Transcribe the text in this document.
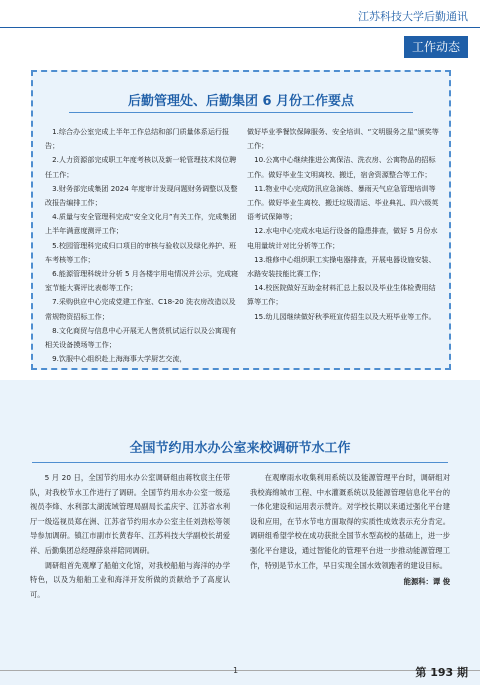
江苏科技大学后勤通讯
工作动态
后勤管理处、后勤集团 6 月份工作要点

1.综合办公室完成上半年工作总结和部门质量体系运行报告；

2.人力资源部完成职工年度考核以及新一轮管理技术岗位聘任工作；

3.财务部完成集团 2024 年度审计发现问题财务调整以及整改报告编排工作；

4.质量与安全管理科完成“安全文化月”有关工作，完成集团上半年满意度测评工作；

5.校园管理科完成归口项目的审核与验收以及绿化养护、班车考核等工作；

6.能源管理科统计分析 5 月各楼宇用电情况并公示，完成寝室节能大赛评比表彰等工作；

7.采购供应中心完成党建工作室、C18-20 洗衣房改造以及常规物资招标工作；

8.文化商贸与信息中心开展无人售货机试运行以及公寓现有相关设备摸场等工作；

9.饮服中心组织赴上海海事大学厨艺交流，

做好毕业季餐饮保障服务、安全培训、“文明服务之星”颁奖等工作；

10.公寓中心继续推进公寓保洁、洗衣房、公寓物品的招标工作。做好毕业生文明离校、搬迁，宿舍资源整合等工作；

11.物业中心完成防汛应急演练、暴雨天气应急管理培训等工作。做好毕业生离校、搬迁垃圾清运、毕业典礼、四六级英语考试保障等；

12.水电中心完成水电运行设备的隐患排查，做好 5 月份水电用量统计对比分析等工作；

13.维修中心组织职工实操电器排查，开展电器设施安装、水路安装技能比赛工作；

14.校医院做好互助金材料汇总上报以及毕业生体检费用结算等工作；

15.幼儿园继续做好秋季班宣传招生以及大班毕业等工作。

全国节约用水办公室来校调研节水工作

5 月 20 日，全国节约用水办公室调研组由蒋牧宸主任带队，对我校节水工作进行了调研。全国节约用水办公室一级巡视员李烽、水利部太湖流域管理局副局长孟庆宇、江苏省水利厅一级巡视员郑在洲、江苏省节约用水办公室主任刘劲松等领导参加调研。镇江市副市长黄春年、江苏科技大学副校长胡爱祥、后勤集团总经理薛泉祥陪同调研。

调研组首先观摩了船舶文化馆，对我校船舶与海洋的办学特色，以及为船舶工业和海洋开发所做的贡献给予了高度认可。

在观摩雨水收集利用系统以及能源管理平台时，调研组对我校海绵城市工程、中水灌溉系统以及能源管理信息化平台的一体化建设和运用表示赞许。对学校长期以来通过强化平台建设和应用，在节水节电方面取得的实质性成效表示充分肯定。调研组希望学校在成功获批全国节水型高校的基础上，进一步强化平台建设，通过智能化的管理平台进一步推动能源管理工作，特别是节水工作，早日实现全国水效领跑者的建设目标。

能源科：谭 俊
1	第 193 期
